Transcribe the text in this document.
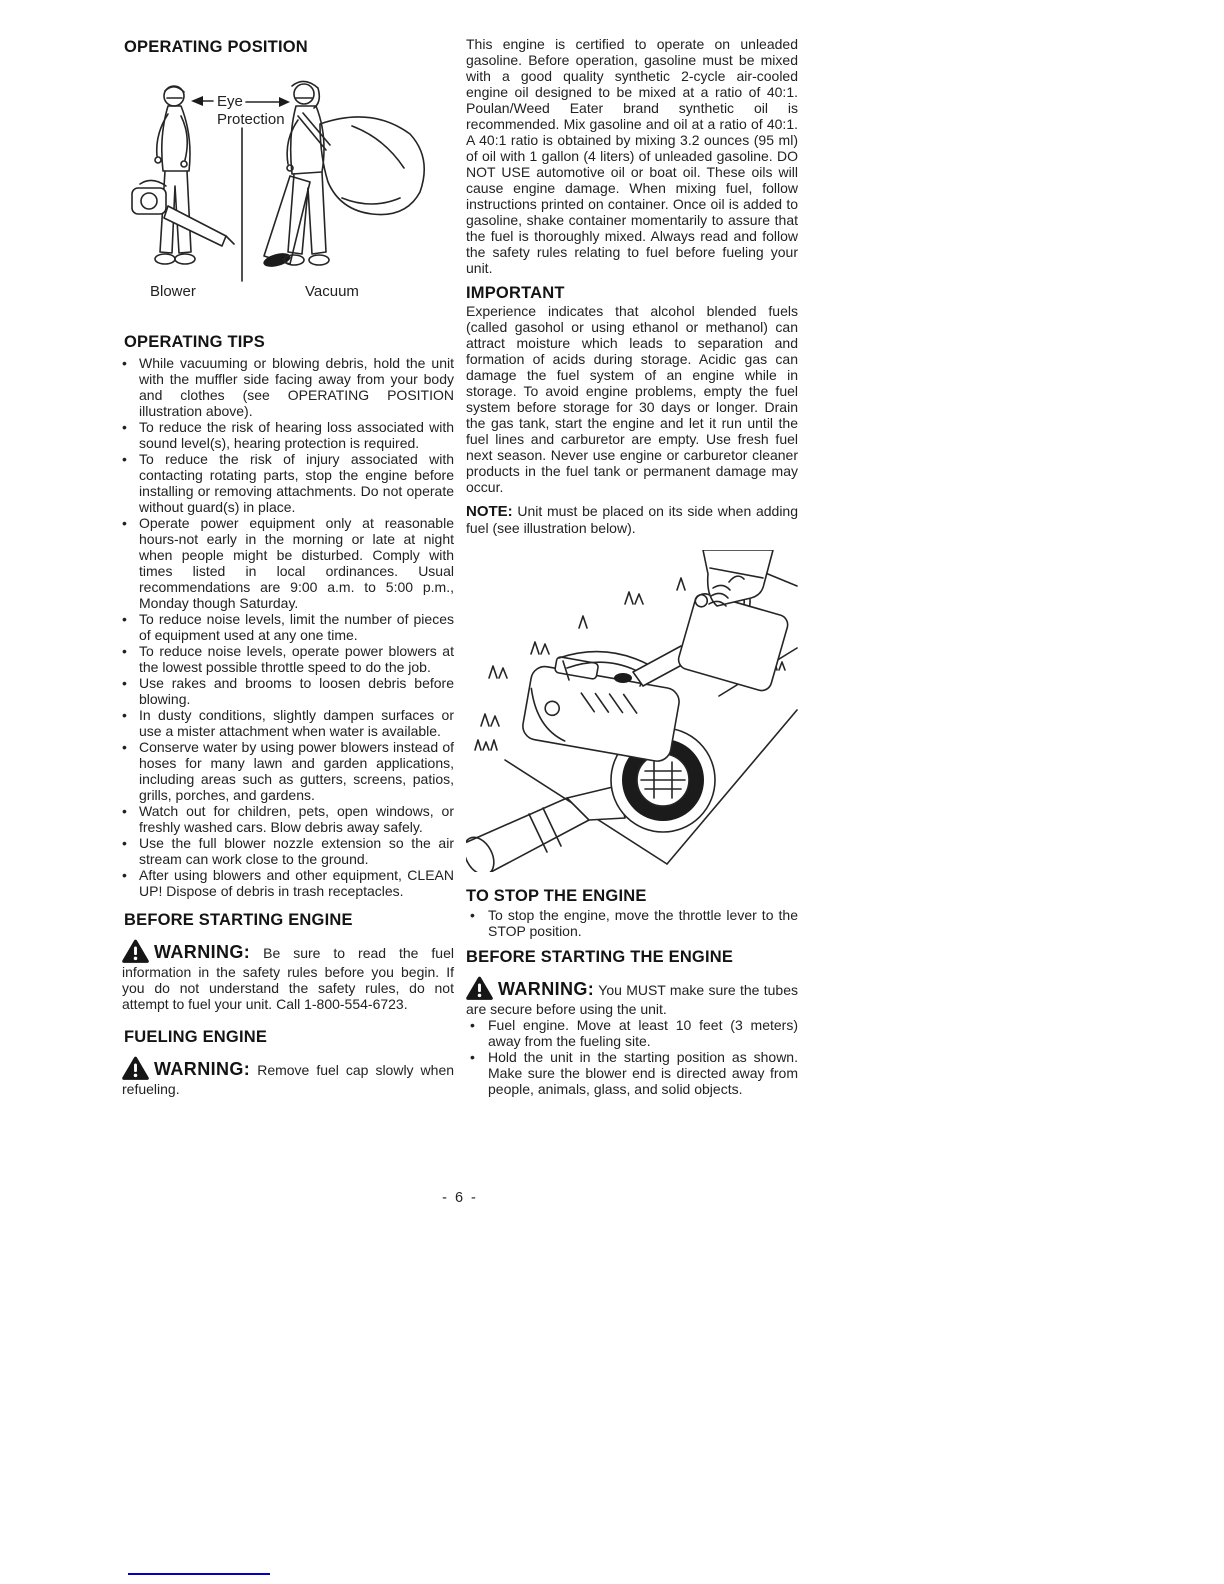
OPERATING POSITION
Eye
Protection
Blower	Vacuum
OPERATING TIPS
• While vacuuming or blowing debris, hold the unit with the muffler side facing away from your body and clothes (see OPERATING POSITION illustration above).
• To reduce the risk of hearing loss associated with sound level(s), hearing protection is required.
• To reduce the risk of injury associated with contacting rotating parts, stop the engine before installing or removing attachments. Do not operate without guard(s) in place.
• Operate power equipment only at reasonable hours-not early in the morning or late at night when people might be disturbed. Comply with times listed in local ordinances. Usual recommendations are 9:00 a.m. to 5:00 p.m., Monday though Saturday.
• To reduce noise levels, limit the number of pieces of equipment used at any one time.
• To reduce noise levels, operate power blowers at the lowest possible throttle speed to do the job.
• Use rakes and brooms to loosen debris before blowing.
• In dusty conditions, slightly dampen surfaces or use a mister attachment when water is available.
• Conserve water by using power blowers instead of hoses for many lawn and garden applications, including areas such as gutters, screens, patios, grills, porches, and gardens.
• Watch out for children, pets, open windows, or freshly washed cars. Blow debris away safely.
• Use the full blower nozzle extension so the air stream can work close to the ground.
• After using blowers and other equipment, CLEAN UP! Dispose of debris in trash receptacles.
BEFORE STARTING ENGINE

WARNING: Be sure to read the fuel information in the safety rules before you begin. If you do not understand the safety rules, do not attempt to fuel your unit. Call 1-800-554-6723.

FUELING ENGINE

WARNING: Remove fuel cap slowly when refueling.

This engine is certified to operate on unleaded gasoline. Before operation, gasoline must be mixed with a good quality synthetic 2-cycle air-cooled engine oil designed to be mixed at a ratio of 40:1. Poulan/Weed Eater brand synthetic oil is recommended. Mix gasoline and oil at a ratio of 40:1. A 40:1 ratio is obtained by mixing 3.2 ounces (95 ml) of oil with 1 gallon (4 liters) of unleaded gasoline. DO NOT USE automotive oil or boat oil. These oils will cause engine damage. When mixing fuel, follow instructions printed on container. Once oil is added to gasoline, shake container momentarily to assure that the fuel is thoroughly mixed. Always read and follow the safety rules relating to fuel before fueling your unit.

IMPORTANT

Experience indicates that alcohol blended fuels (called gasohol or using ethanol or methanol) can attract moisture which leads to separation and formation of acids during storage. Acidic gas can damage the fuel system of an engine while in storage. To avoid engine problems, empty the fuel system before storage for 30 days or longer. Drain the gas tank, start the engine and let it run until the fuel lines and carburetor are empty. Use fresh fuel next season. Never use engine or carburetor cleaner products in the fuel tank or permanent damage may occur.

NOTE: Unit must be placed on its side when adding fuel (see illustration below).

TO STOP THE ENGINE
• To stop the engine, move the throttle lever to the STOP position.
BEFORE STARTING THE ENGINE

WARNING: You MUST make sure the tubes are secure before using the unit.

• Fuel engine. Move at least 10 feet (3 meters) away from the fueling site.
• Hold the unit in the starting position as shown. Make sure the blower end is directed away from people, animals, glass, and solid objects.
- 6 -
